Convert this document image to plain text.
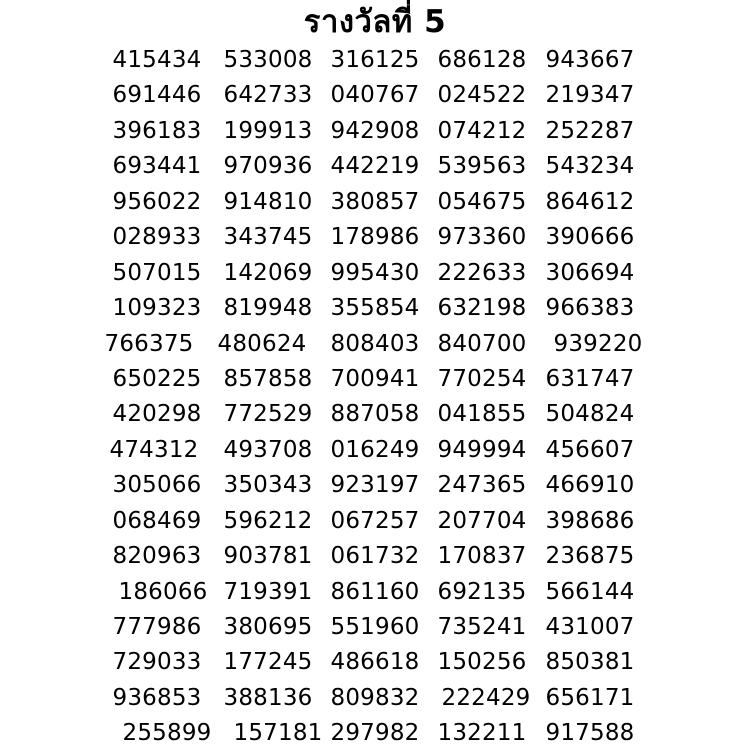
รางวัลที่ 5
415434 533008 316125 686128 943667
691446 642733 040767 024522 219347
396183 199913 942908 074212 252287
693441 970936 442219 539563 543234
956022 914810 380857 054675 864612
028933 343745 178986 973360 390666
507015 142069 995430 222633 306694
109323 819948 355854 632198 966383
766375	480624	808403 840700	939220
650225 857858 700941 770254 631747
420298 772529 887058 041855 504824
474312	493708 016249 949994 456607
305066 350343 923197 247365 466910
068469 596212 067257 207704 398686
820963 903781 061732 170837 236875
186066 719391 861160 692135 566144
777986 380695 551960 735241 431007
729033 177245 486618 150256 850381
936853 388136 809832 222429 656171
255899 157181 297982 132211 917588
